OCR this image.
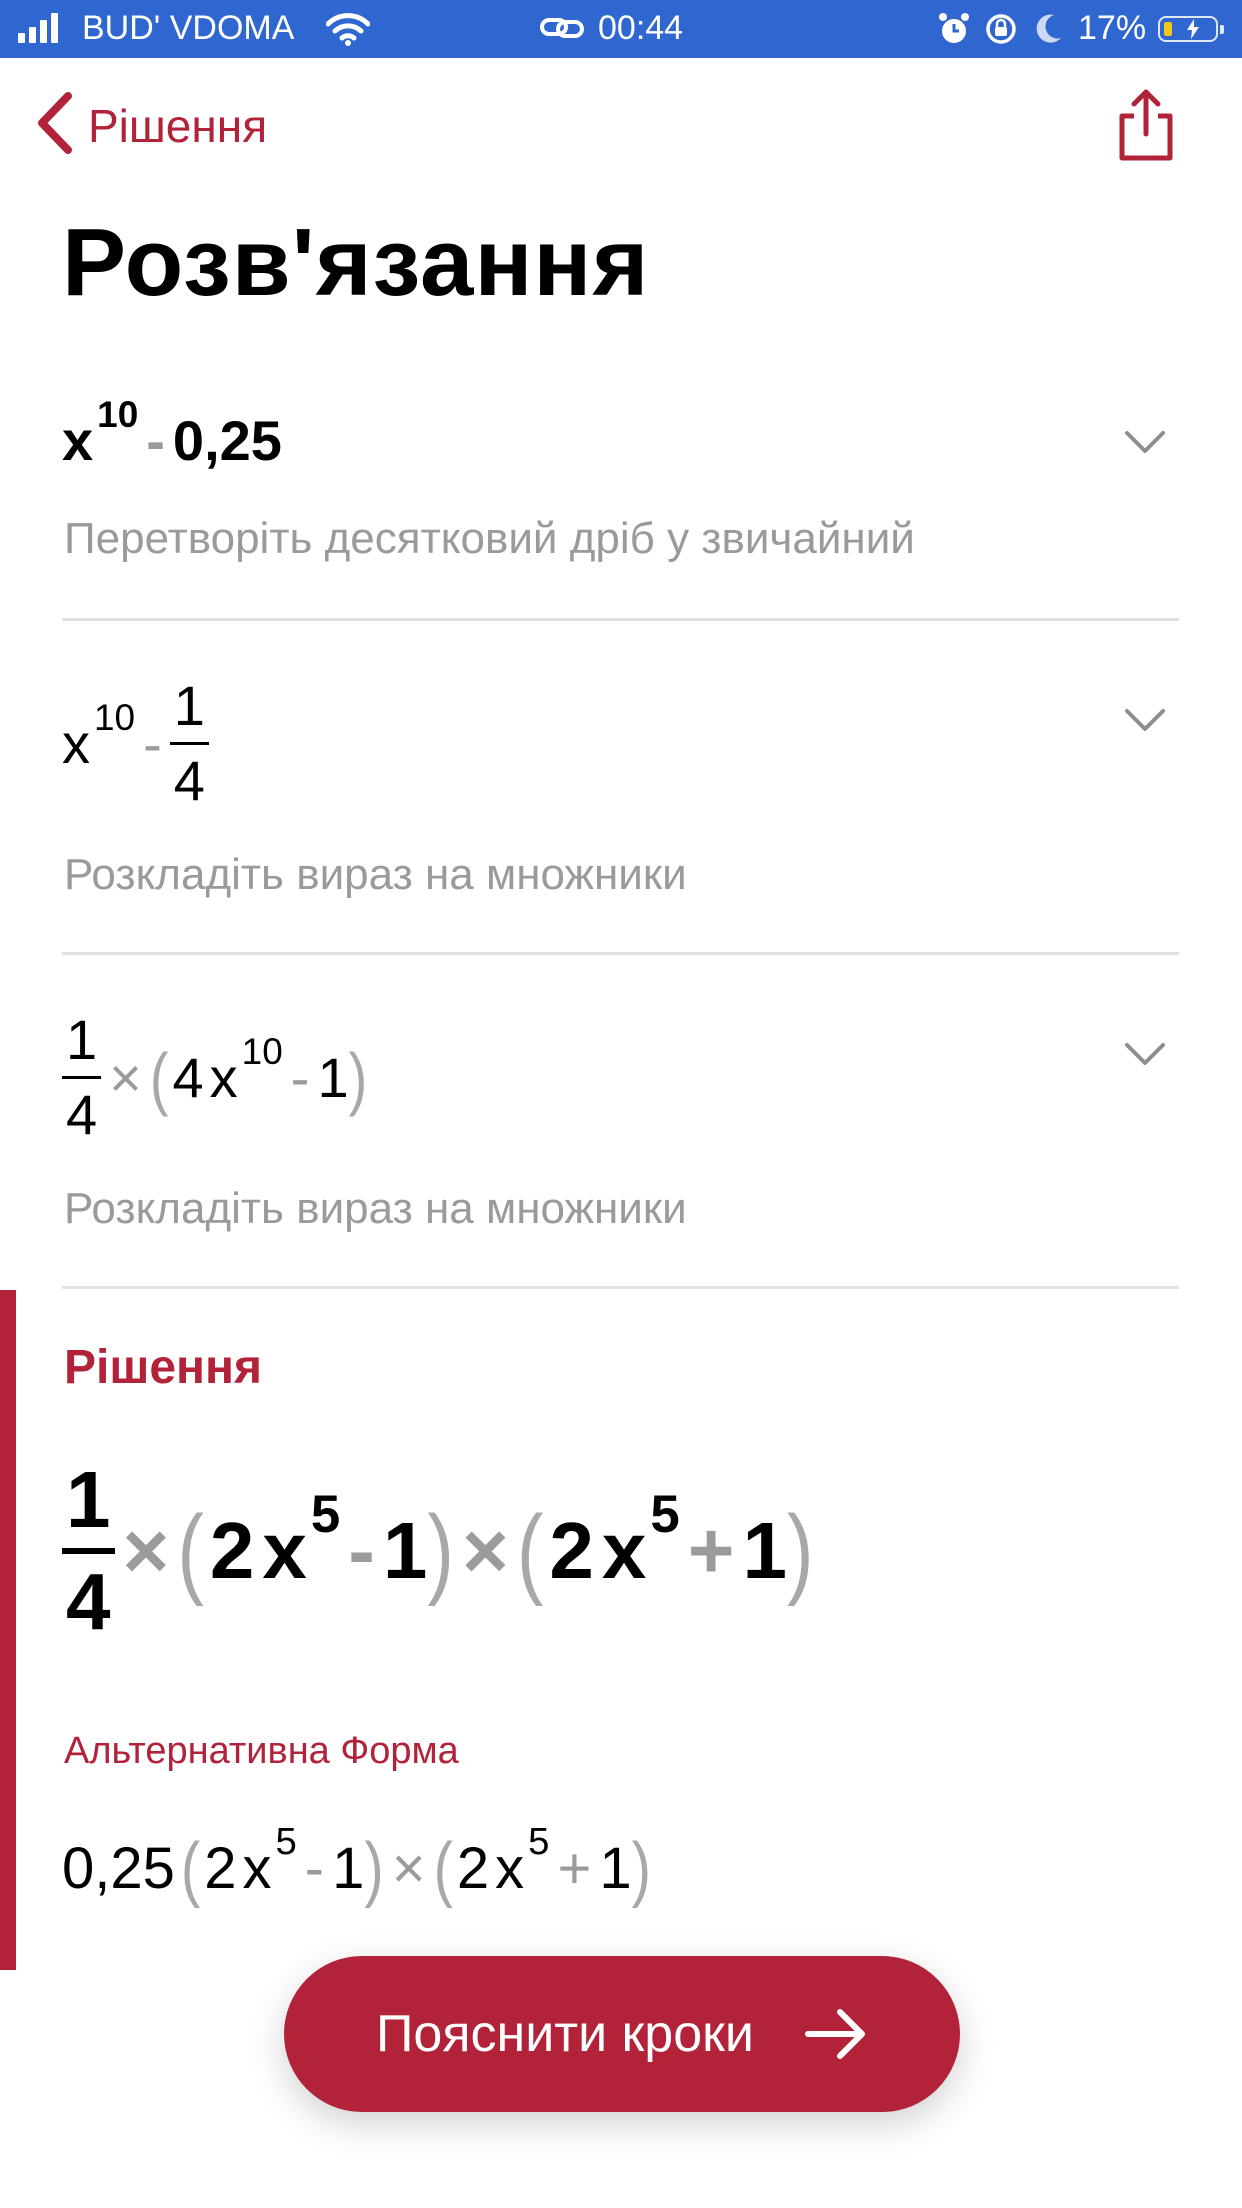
BUD' VDOMA	00:44	17%
Рішення
Розв'язання
x 10 - 0,25
Перетворіть десятковий дріб у звичайний
x $10 - \frac{1}{4}$
Розкладіть вираз на множники
$\frac{1}{4}$ × ( 4 x 10 - 1 )
Розкладіть вираз на множники
Рішення
1
4
× ( 2 x 5 - 1 ) × ( 2 x 5 + 1 )
Альтернативна Форма
0,25 ( 2 x 5 - 1 ) × ( 2 x 5 + 1 )
Пояснити кроки
